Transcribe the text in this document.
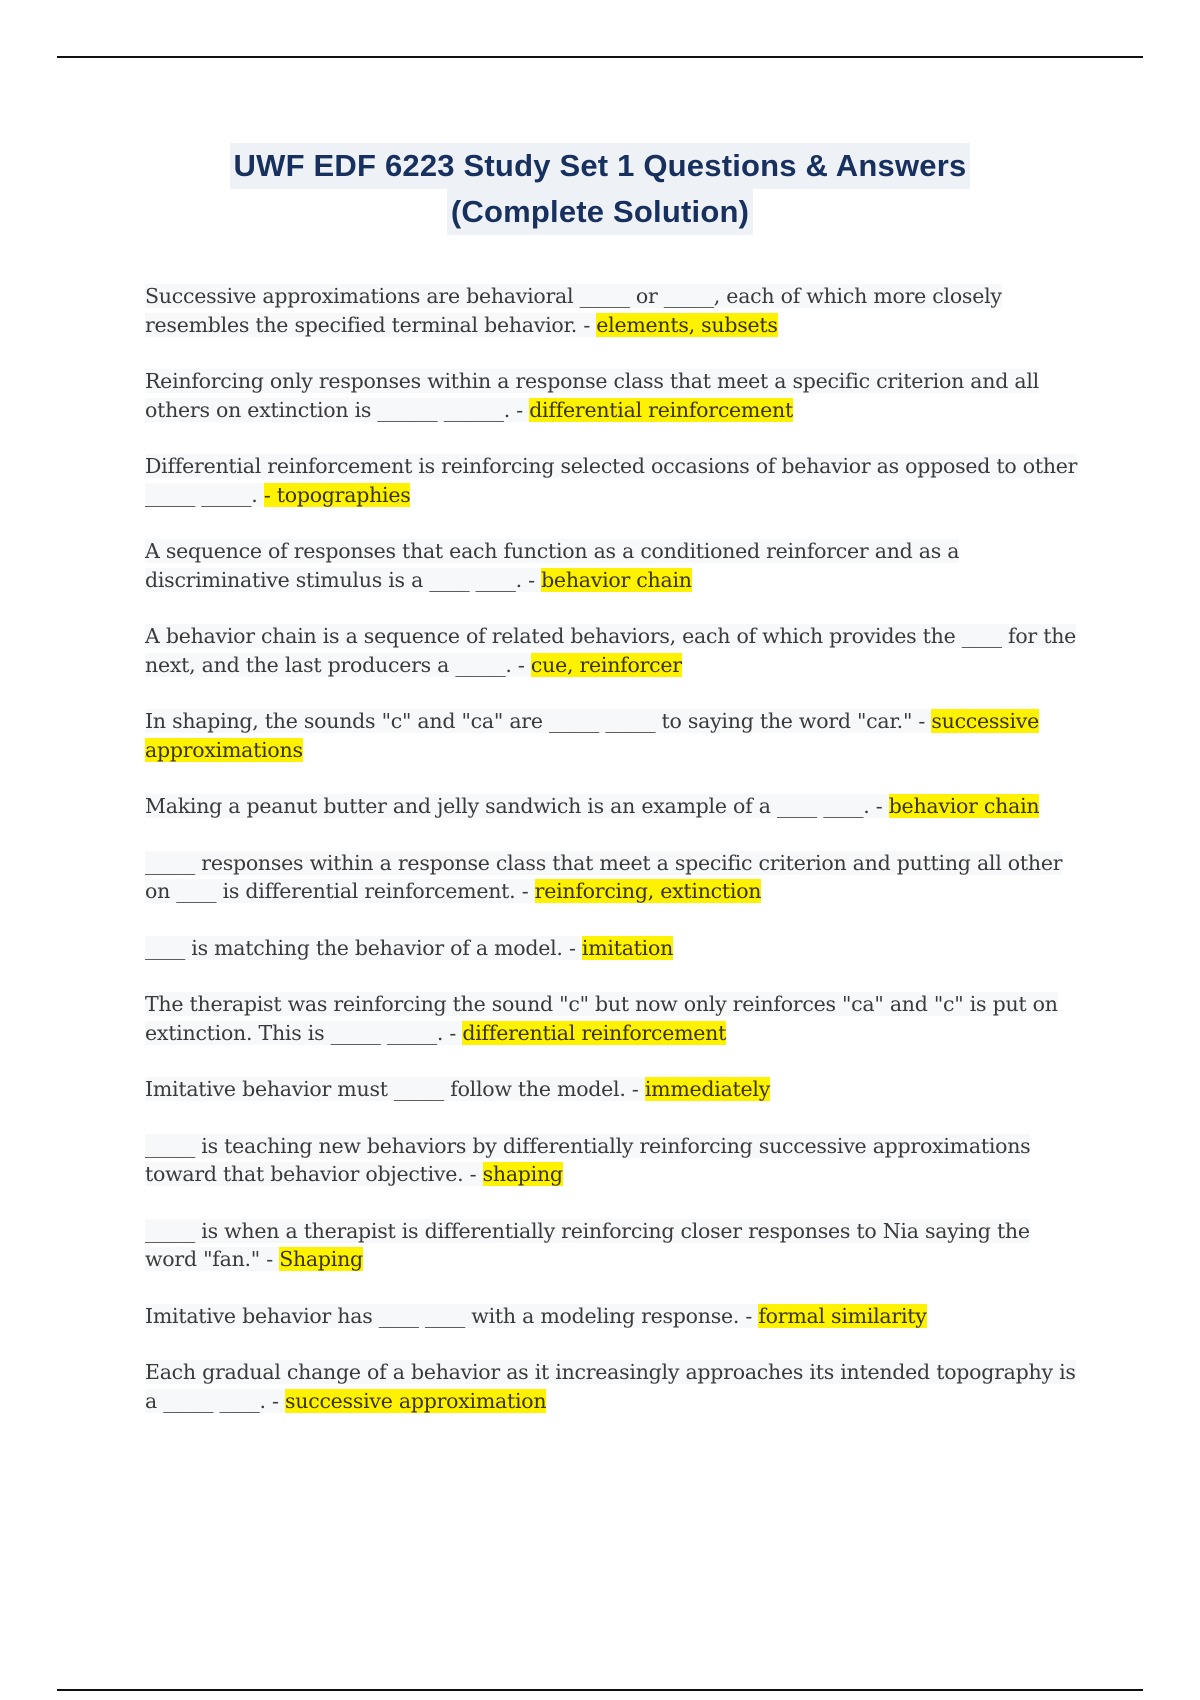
UWF EDF 6223 Study Set 1 Questions & Answers
(Complete Solution)

Successive approximations are behavioral _____ or _____, each of which more closely resembles the specified terminal behavior. - elements, subsets

Reinforcing only responses within a response class that meet a specific criterion and all others on extinction is ______ ______. - differential reinforcement

Differential reinforcement is reinforcing selected occasions of behavior as opposed to other _____ _____. - topographies

A sequence of responses that each function as a conditioned reinforcer and as a discriminative stimulus is a ____ ____. - behavior chain

A behavior chain is a sequence of related behaviors, each of which provides the ____ for the next, and the last producers a _____. - cue, reinforcer

In shaping, the sounds "c" and "ca" are _____ _____ to saying the word "car." - successive approximations

Making a peanut butter and jelly sandwich is an example of a ____ ____. - behavior chain

_____ responses within a response class that meet a specific criterion and putting all other on ____ is differential reinforcement. - reinforcing, extinction

____ is matching the behavior of a model. - imitation

The therapist was reinforcing the sound "c" but now only reinforces "ca" and "c" is put on extinction. This is _____ _____. - differential reinforcement

Imitative behavior must _____ follow the model. - immediately

_____ is teaching new behaviors by differentially reinforcing successive approximations toward that behavior objective. - shaping

_____ is when a therapist is differentially reinforcing closer responses to Nia saying the word "fan." - Shaping

Imitative behavior has ____ ____ with a modeling response. - formal similarity

Each gradual change of a behavior as it increasingly approaches its intended topography is a _____ ____. - successive approximation
